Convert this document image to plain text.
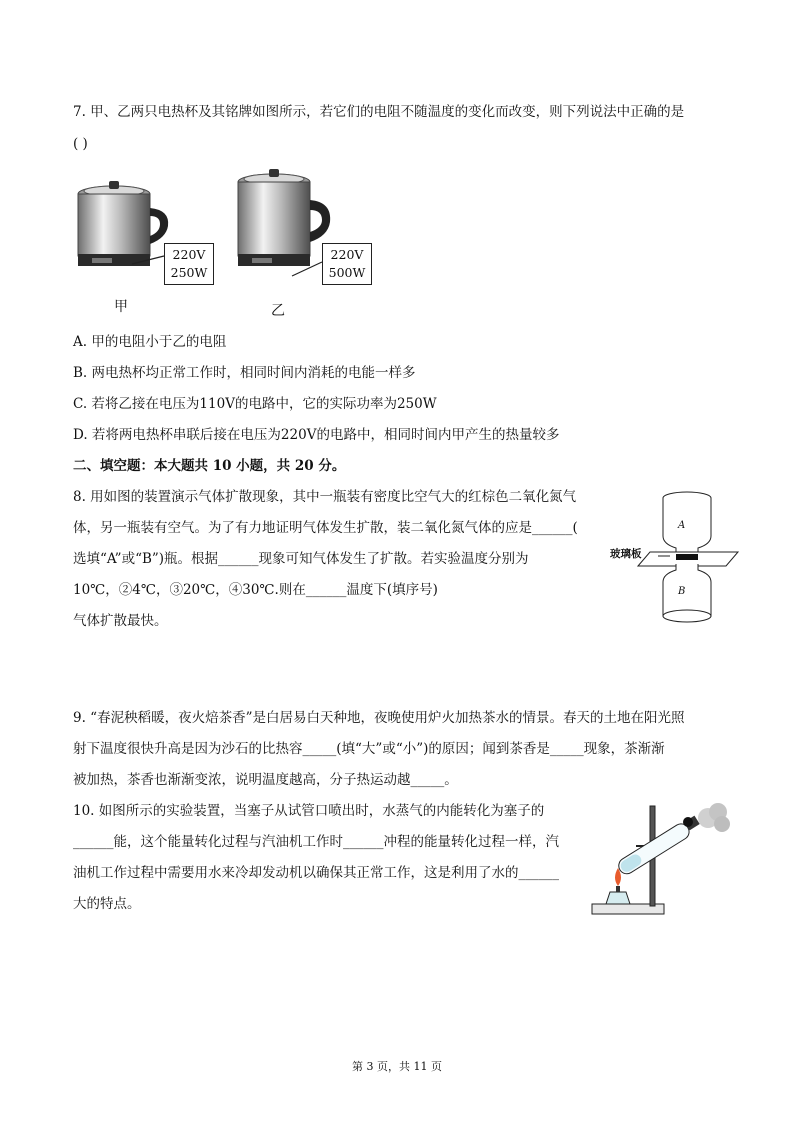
7. 甲、乙两只电热杯及其铭牌如图所示，若它们的电阻不随温度的变化而改变，则下列说法中正确的是
( )
220V
250W
甲
220V
500W
乙
A. 甲的电阻小于乙的电阻
B. 两电热杯均正常工作时，相同时间内消耗的电能一样多
C. 若将乙接在电压为110V的电路中，它的实际功率为250W
D. 若将两电热杯串联后接在电压为220V的电路中，相同时间内甲产生的热量较多
二、填空题：本大题共 10 小题，共 20 分。
8. 用如图的装置演示气体扩散现象，其中一瓶装有密度比空气大的红棕色二氧化氮气
体，另一瓶装有空气。为了有力地证明气体发生扩散，装二氧化氮气体的应是______(
选填“A”或“B”)瓶。根据______现象可知气体发生了扩散。若实验温度分别为
10℃，②4℃，③20℃，④30℃.则在______温度下(填序号)
气体扩散最快。
A
B
玻璃板
9. “春泥秧稻暖，夜火焙茶香”是白居易白天种地，夜晚使用炉火加热茶水的情景。春天的土地在阳光照
射下温度很快升高是因为沙石的比热容_____(填“大”或“小”)的原因；闻到茶香是_____现象，茶渐渐
被加热，茶香也渐渐变浓，说明温度越高，分子热运动越_____。
10. 如图所示的实验装置，当塞子从试管口喷出时，水蒸气的内能转化为塞子的
______能，这个能量转化过程与汽油机工作时______冲程的能量转化过程一样，汽
油机工作过程中需要用水来冷却发动机以确保其正常工作，这是利用了水的______
大的特点。
第 3 页，共 11 页
